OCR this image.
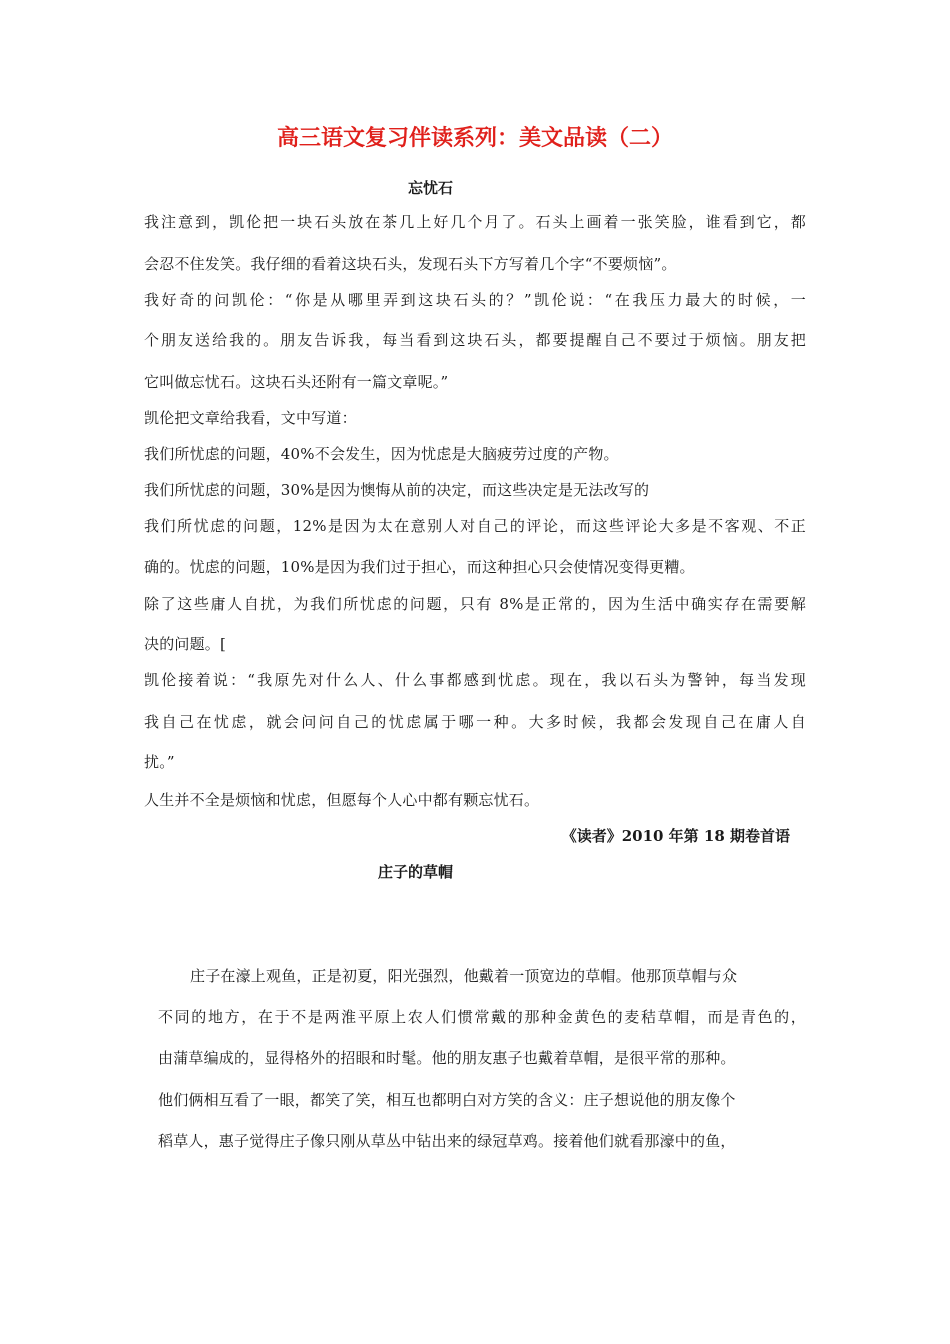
高三语文复习伴读系列：美文品读（二）
忘忧石
我注意到，凯伦把一块石头放在茶几上好几个月了。石头上画着一张笑脸，谁看到它，都
会忍不住发笑。我仔细的看着这块石头，发现石头下方写着几个字“不要烦恼”。
我好奇的问凯伦：“你是从哪里弄到这块石头的？”凯伦说：“在我压力最大的时候，一
个朋友送给我的。朋友告诉我，每当看到这块石头，都要提醒自己不要过于烦恼。朋友把
它叫做忘忧石。这块石头还附有一篇文章呢。”
凯伦把文章给我看，文中写道：
我们所忧虑的问题，40%不会发生，因为忧虑是大脑疲劳过度的产物。
我们所忧虑的问题，30%是因为懊悔从前的决定，而这些决定是无法改写的
我们所忧虑的问题，12%是因为太在意别人对自己的评论，而这些评论大多是不客观、不正
确的。忧虑的问题，10%是因为我们过于担心，而这种担心只会使情况变得更糟。
除了这些庸人自扰，为我们所忧虑的问题，只有 8%是正常的，因为生活中确实存在需要解
决的问题。[
凯伦接着说：“我原先对什么人、什么事都感到忧虑。现在，我以石头为警钟，每当发现
我自己在忧虑，就会问问自己的忧虑属于哪一种。大多时候，我都会发现自己在庸人自
扰。”
人生并不全是烦恼和忧虑，但愿每个人心中都有颗忘忧石。
《读者》2010 年第 18 期卷首语
庄子的草帽
庄子在濠上观鱼，正是初夏，阳光强烈，他戴着一顶宽边的草帽。他那顶草帽与众
不同的地方，在于不是两淮平原上农人们惯常戴的那种金黄色的麦秸草帽，而是青色的，
由蒲草编成的，显得格外的招眼和时髦。他的朋友惠子也戴着草帽，是很平常的那种。
他们俩相互看了一眼，都笑了笑，相互也都明白对方笑的含义：庄子想说他的朋友像个
稻草人，惠子觉得庄子像只刚从草丛中钻出来的绿冠草鸡。接着他们就看那濠中的鱼，
